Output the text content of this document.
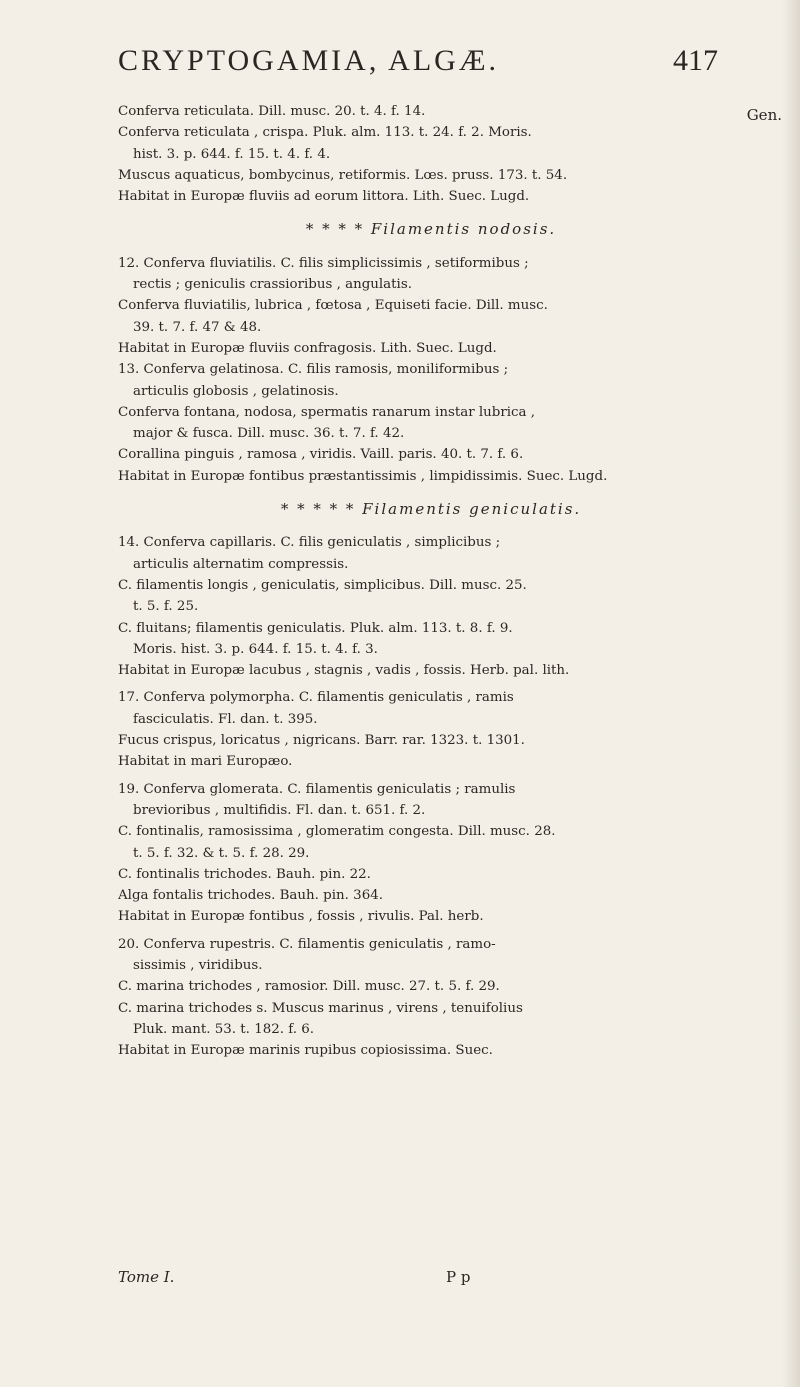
CRYPTOGAMIA, ALGÆ.	417
Gen.
Conferva reticulata. Dill. musc. 20. t. 4. f. 14.
Conferva reticulata , crispa. Pluk. alm. 113. t. 24. f. 2. Moris.
hist. 3. p. 644. f. 15. t. 4. f. 4.
Muscus aquaticus, bombycinus, retiformis. Lœs. pruss. 173. t. 54.
Habitat in Europæ fluviis ad eorum littora. Lith. Suec. Lugd.
* * * * Filamentis nodosis.
12. Conferva fluviatilis. C. filis simplicissimis , setiformibus ;
rectis ; geniculis crassioribus , angulatis.
Conferva fluviatilis, lubrica , fœtosa , Equiseti facie. Dill. musc.
39. t. 7. f. 47 & 48.
Habitat in Europæ fluviis confragosis. Lith. Suec. Lugd.
13. Conferva gelatinosa. C. filis ramosis, moniliformibus ;
articulis globosis , gelatinosis.
Conferva fontana, nodosa, spermatis ranarum instar lubrica ,
major & fusca. Dill. musc. 36. t. 7. f. 42.
Corallina pinguis , ramosa , viridis. Vaill. paris. 40. t. 7. f. 6.
Habitat in Europæ fontibus præstantissimis , limpidissimis. Suec. Lugd.
* * * * * Filamentis geniculatis.
14. Conferva capillaris. C. filis geniculatis , simplicibus ;
articulis alternatim compressis.
C. filamentis longis , geniculatis, simplicibus. Dill. musc. 25.
t. 5. f. 25.
C. fluitans; filamentis geniculatis. Pluk. alm. 113. t. 8. f. 9.
Moris. hist. 3. p. 644. f. 15. t. 4. f. 3.
Habitat in Europæ lacubus , stagnis , vadis , fossis. Herb. pal. lith.
17. Conferva polymorpha. C. filamentis geniculatis , ramis
fasciculatis. Fl. dan. t. 395.
Fucus crispus, loricatus , nigricans. Barr. rar. 1323. t. 1301.
Habitat in mari Europæo.
19. Conferva glomerata. C. filamentis geniculatis ; ramulis
brevioribus , multifidis. Fl. dan. t. 651. f. 2.
C. fontinalis, ramosissima , glomeratim congesta. Dill. musc. 28.
t. 5. f. 32. & t. 5. f. 28. 29.
C. fontinalis trichodes. Bauh. pin. 22.
Alga fontalis trichodes. Bauh. pin. 364.
Habitat in Europæ fontibus , fossis , rivulis. Pal. herb.
20. Conferva rupestris. C. filamentis geniculatis , ramo-
sissimis , viridibus.
C. marina trichodes , ramosior. Dill. musc. 27. t. 5. f. 29.
C. marina trichodes s. Muscus marinus , virens , tenuifolius
Pluk. mant. 53. t. 182. f. 6.
Habitat in Europæ marinis rupibus copiosissima. Suec.
Tome I.	P p
